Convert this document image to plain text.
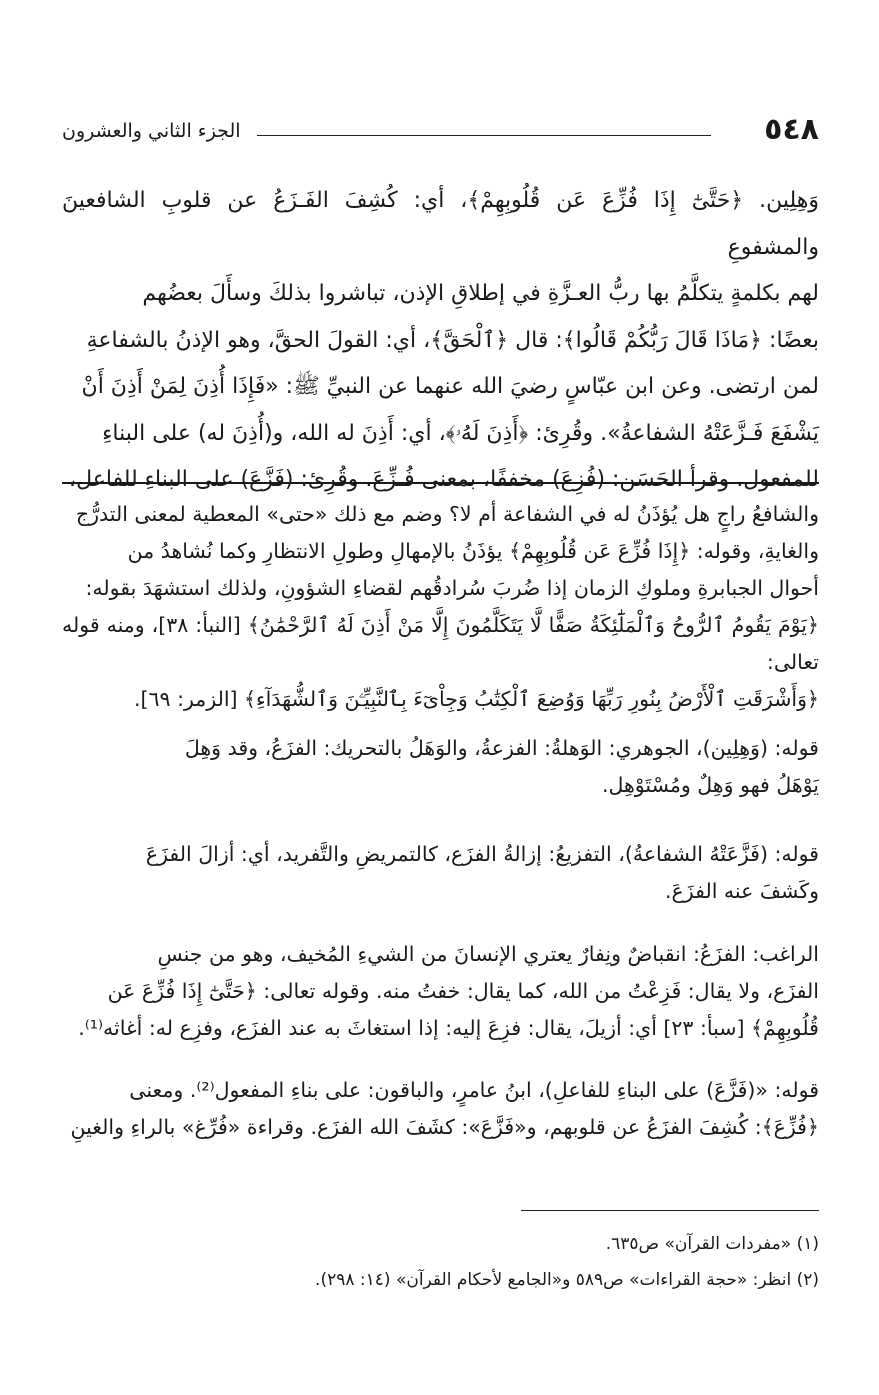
٥٤٨
الجزء الثاني والعشرون

وَهِلِين. ﴿حَتَّىٰٓ إِذَا فُزِّعَ عَن قُلُوبِهِمْ﴾، أي: كُشِفَ الفَـزَعُ عن قلوبِ الشافعينَ والمشفوعِ

لهم بكلمةٍ يتكلَّمُ بها ربُّ العـزَّةِ في إطلاقِ الإذن، تباشروا بذلكَ وسأَلَ بعضُهم

بعضًا: ﴿مَاذَا قَالَ رَبُّكُمْ قَالُوا﴾: قال ﴿ٱلْحَقَّ﴾، أي: القولَ الحقَّ، وهو الإذنُ بالشفاعةِ

لمن ارتضى. وعن ابن عبّاسٍ رضيَ الله عنهما عن النبيِّ ﷺ: «فَإِذَا أُذِنَ لِمَنْ أَذِنَ أَنْ

يَشْفَعَ فَـزَّعَتْهُ الشفاعةُ». وقُرِئ: ﴿أَذِنَ لَهُۥ﴾، أي: أَذِنَ له الله، و(أُذِنَ له) على البناءِ

للمفعول. وقرأ الحَسَن: (فُزِعَ) مخففًا، بمعنى فُـزِّعَ. وقُرِئ: (فَزَّعَ) على البناءِ للفاعل،

والشافعُ راجٍ هل يُؤذَنُ له في الشفاعة أم لا؟ وضم مع ذلك «حتى» المعطية لمعنى التدرُّج

والغايةِ، وقوله: ﴿إِذَا فُزِّعَ عَن قُلُوبِهِمْ﴾ يؤذَنُ بالإمهالِ وطولِ الانتظارِ وكما نُشاهدُ من

أحوال الجبابرةِ وملوكِ الزمان إذا ضُربَ سُرادقُهم لقضاءِ الشؤونِ، ولذلك استشهَدَ بقوله:

﴿يَوْمَ يَقُومُ ٱلرُّوحُ وَٱلْمَلَٰٓئِكَةُ صَفًّا لَّا يَتَكَلَّمُونَ إِلَّا مَنْ أَذِنَ لَهُ ٱلرَّحْمَٰنُ﴾ [النبأ: ٣٨]، ومنه قوله تعالى:

﴿وَأَشْرَقَتِ ٱلْأَرْضُ بِنُورِ رَبِّهَا وَوُضِعَ ٱلْكِتَٰبُ وَجِاْىٓءَ بِٱلنَّبِيِّـۧنَ وَٱلشُّهَدَآءِ﴾ [الزمر: ٦٩].

قوله: (وَهِلِين)، الجوهري: الوَهلةُ: الفزعةُ، والوَهَلُ بالتحريك: الفزَعُ، وقد وَهِلَ

يَوْهَلُ فهو وَهِلٌ ومُسْتَوْهِل.

قوله: (فَزَّعَتْهُ الشفاعةُ)، التفزيعُ: إزالةُ الفزَع، كالتمريضِ والتَّفريد، أي: أزالَ الفزَعَ

وكَشفَ عنه الفزَعَ.

الراغب: الفزَعُ: انقباضٌ ونِفارٌ يعتري الإنسانَ من الشيءِ المُخيف، وهو من جنسِ

الفزَع، ولا يقال: فَزِعْتُ من الله، كما يقال: خفتُ منه. وقوله تعالى: ﴿حَتَّىٰٓ إِذَا فُزِّعَ عَن

قُلُوبِهِمْ﴾ [سبأ: ٢٣] أي: أزيلَ، يقال: فزِعَ إليه: إذا استغاثَ به عند الفزَع، وفزِع له: أغاثه⁽¹⁾.

قوله: «(فَزَّعَ) على البناءِ للفاعلِ)، ابنُ عامرٍ، والباقون: على بناءِ المفعول⁽²⁾. ومعنى

﴿فُزِّعَ﴾: كُشِفَ الفزَعُ عن قلوبهم، و«فَزَّعَ»: كشَفَ الله الفزَع. وقراءة «فُرِّغ» بالراءِ والغينِ

(١) «مفردات القرآن» ص٦٣٥.

(٢) انظر: «حجة القراءات» ص٥٨٩ و«الجامع لأحكام القرآن» (١٤: ٢٩٨).
